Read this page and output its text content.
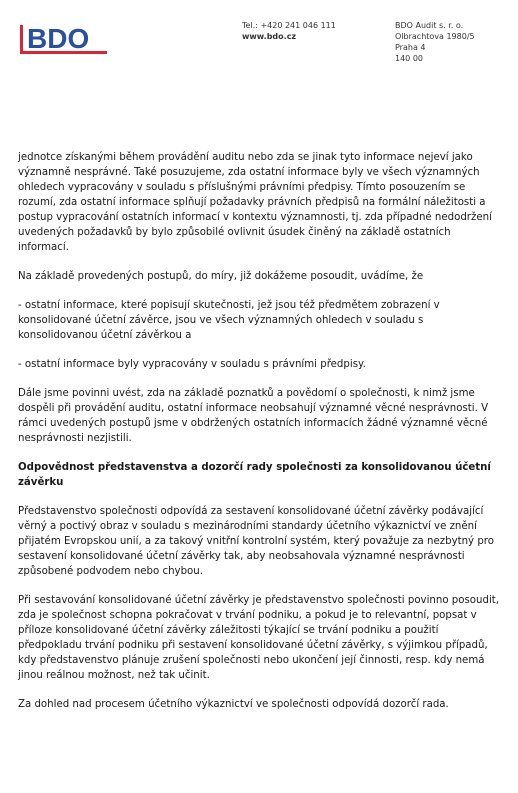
BDO	Tel.: +420 241 046 111
www.bdo.cz
BDO Audit s. r. o.
Olbrachtova 1980/5
Praha 4
140 00

jednotce získanými během provádění auditu nebo zda se jinak tyto informace nejeví jako významně nesprávné. Také posuzujeme, zda ostatní informace byly ve všech významných ohledech vypracovány v souladu s příslušnými právními předpisy. Tímto posouzením se rozumí, zda ostatní informace splňují požadavky právních předpisů na formální náležitosti a postup vypracování ostatních informací v kontextu významnosti, tj. zda případné nedodržení uvedených požadavků by bylo způsobilé ovlivnit úsudek činěný na základě ostatních informací.

Na základě provedených postupů, do míry, již dokážeme posoudit, uvádíme, že

- ostatní informace, které popisují skutečnosti, jež jsou též předmětem zobrazení v konsolidované účetní závěrce, jsou ve všech významných ohledech v souladu s konsolidovanou účetní závěrkou a

- ostatní informace byly vypracovány v souladu s právními předpisy.

Dále jsme povinni uvést, zda na základě poznatků a povědomí o společnosti, k nimž jsme dospěli při provádění auditu, ostatní informace neobsahují významné věcné nesprávnosti. V rámci uvedených postupů jsme v obdržených ostatních informacích žádné významné věcné nesprávnosti nezjistili.

Odpovědnost představenstva a dozorčí rady společnosti za konsolidovanou účetní závěrku

Představenstvo společnosti odpovídá za sestavení konsolidované účetní závěrky podávající věrný a poctivý obraz v souladu s mezinárodními standardy účetního výkaznictví ve znění přijatém Evropskou unií, a za takový vnitřní kontrolní systém, který považuje za nezbytný pro sestavení konsolidované účetní závěrky tak, aby neobsahovala významné nesprávnosti způsobené podvodem nebo chybou.

Při sestavování konsolidované účetní závěrky je představenstvo společnosti povinno posoudit, zda je společnost schopna pokračovat v trvání podniku, a pokud je to relevantní, popsat v příloze konsolidované účetní závěrky záležitosti týkající se trvání podniku a použití předpokladu trvání podniku při sestavení konsolidované účetní závěrky, s výjimkou případů, kdy představenstvo plánuje zrušení společnosti nebo ukončení její činnosti, resp. kdy nemá jinou reálnou možnost, než tak učinit.

Za dohled nad procesem účetního výkaznictví ve společnosti odpovídá dozorčí rada.
